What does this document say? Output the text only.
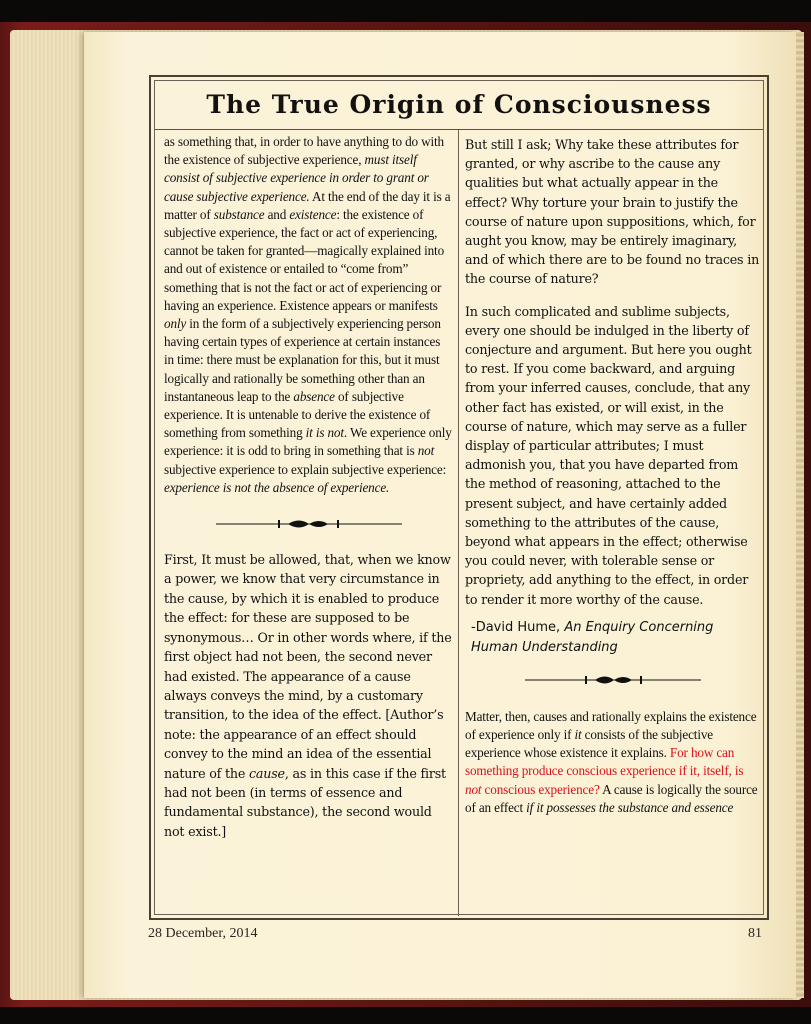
The True Origin of Consciousness

as something that, in order to have anything to do with the existence of subjective experience, must itself consist of subjective experience in order to grant or cause subjective experience. At the end of the day it is a matter of substance and existence: the existence of subjective experience, the fact or act of experiencing, cannot be taken for granted—magically explained into and out of existence or entailed to “come from” something that is not the fact or act of experiencing or having an experience. Existence appears or manifests only in the form of a subjectively experiencing person having certain types of experience at certain instances in time: there must be explanation for this, but it must logically and rationally be something other than an instantaneous leap to the absence of subjective experience. It is untenable to derive the existence of something from something it is not. We experience only experience: it is odd to bring in something that is not subjective experience to explain subjective experience: experience is not the absence of experience.

First, It must be allowed, that, when we know a power, we know that very circumstance in the cause, by which it is enabled to produce the effect: for these are supposed to be synonymous… Or in other words where, if the first object had not been, the second never had existed. The appearance of a cause always conveys the mind, by a customary transition, to the idea of the effect. [Author’s note: the appearance of an effect should convey to the mind an idea of the essential nature of the cause, as in this case if the first had not been (in terms of essence and fundamental substance), the second would not exist.]

But still I ask; Why take these attributes for granted, or why ascribe to the cause any qualities but what actually appear in the effect? Why torture your brain to justify the course of nature upon suppositions, which, for aught you know, may be entirely imaginary, and of which there are to be found no traces in the course of nature?

In such complicated and sublime subjects, every one should be indulged in the liberty of conjecture and argument. But here you ought to rest. If you come backward, and arguing from your inferred causes, conclude, that any other fact has existed, or will exist, in the course of nature, which may serve as a fuller display of particular attributes; I must admonish you, that you have departed from the method of reasoning, attached to the present subject, and have certainly added something to the attributes of the cause, beyond what appears in the effect; otherwise you could never, with tolerable sense or propriety, add anything to the effect, in order to render it more worthy of the cause.

-David Hume, An Enquiry Concerning Human Understanding

Matter, then, causes and rationally explains the existence of experience only if it consists of the subjective experience whose existence it explains. For how can something produce conscious experience if it, itself, is not conscious experience? A cause is logically the source of an effect if it possesses the substance and essence

28 December, 2014	81
